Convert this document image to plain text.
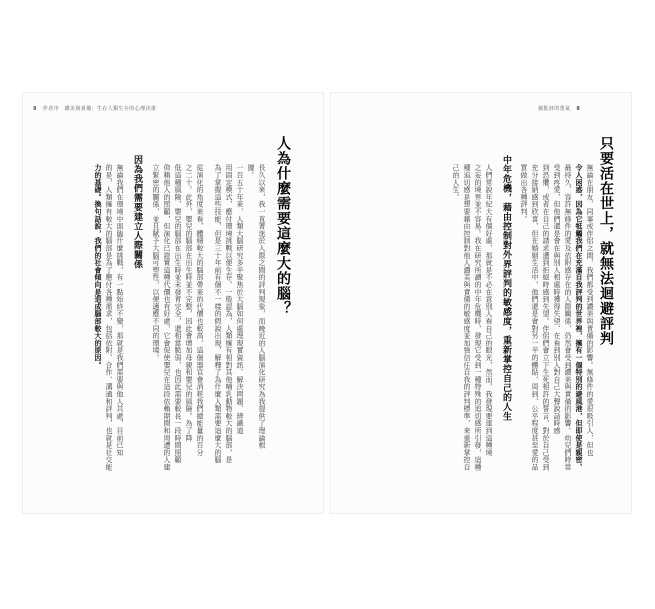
9 作者序　讚美與責備：生在人類生存的心理決策	被批評的勇氣 8
只要活在世上，就無法迴避評判
無論在朋友、同事或伴侶之間，我們都受到讚美與責備的影響。無條件的愛很吸引人，但也
令人困惑，因為它牴觸我們在充滿自我評判的世界裡，擁有一個特別的避風港，但即使是親密、
最持久、容許無條件的愛及依附感存在的人際關係，仍然會受到讚美與責備的影響。幼兒們時常
受到疼愛，但他們還是會在與別人相處時獲得失望、在看到別人對自己大聲說話時感
到恐懼，或者在自己的請求遭到拒絕時感到失望。伴侶們會立下生死相許的誓言，對於自己受到
充分接納感到欣喜，但在婚姻生活中，他們還是會對另一半的體貼，周到、公平程度甚至愛的品
質做出各種評判。
中年危機，藉由控制對外界評判的敏感度，重新掌控自己的人生
人們常說年紀大有個好處，那就是不必在意別人看自己的眼光，然而，我發現要達到這種境
之妄的境界並不容易。我在研究所讀的中年危機時，發現它受到一種特殊的追切感所引發，這種
種追切感是想要藉由控制對他人讚美與責備的敏感度並加強信任自我的評判標準，來重新掌控自
己的人生。
人為什麼需要這麼大的腦？
長久以來，我一直著迷於人際之間的評判現象，而晚近的人腦演化研究為我提供了理論根
據。
一百五十年來，人類大腦研究多半聚焦於大腦如何處理現實資訊、解決問題、辨識道
用固定模式，應付環境挑戰以便生存。一般認為，人類擁有相對其他哺乳動物較大的腦部，是
為了掌握這些技能，但是三十年前有個不一樣的假說出現，解釋了為什麼人類需要這麼大的腦
從演化的角度來看，體積較大的腦部帶來的代價也較高，這個器官會消耗我們總能量的百分
之二十。此外，嬰兒的腦部在出生時並不完整，因此會增加母親和嬰兒的風險。為了降
低這種風險，嬰兒的腦部在出生時並未發育完全，還相當脆弱，也因此需要較長一段時間照顧
仰賴他人的照顧，但演化已證實這種代價也有好處，它會促使嬰兒在這段依賴期間和周遭的人建
立緊密的關係，並且賦予大腦可塑性，以便適應不同的環境。
因為我們需要建立人際關係
無論我們在環境中面臨什麼挑戰，有一點始終不變，那就是我們需要與他人共處，目前已知
的是，人類擁有較大的腦部是為了應付各種需求，包括依附、合作、溝通和評判，也就是社交能
力的基礎。換句話說，我們的社會傾向是造成腦部較大的原因。
